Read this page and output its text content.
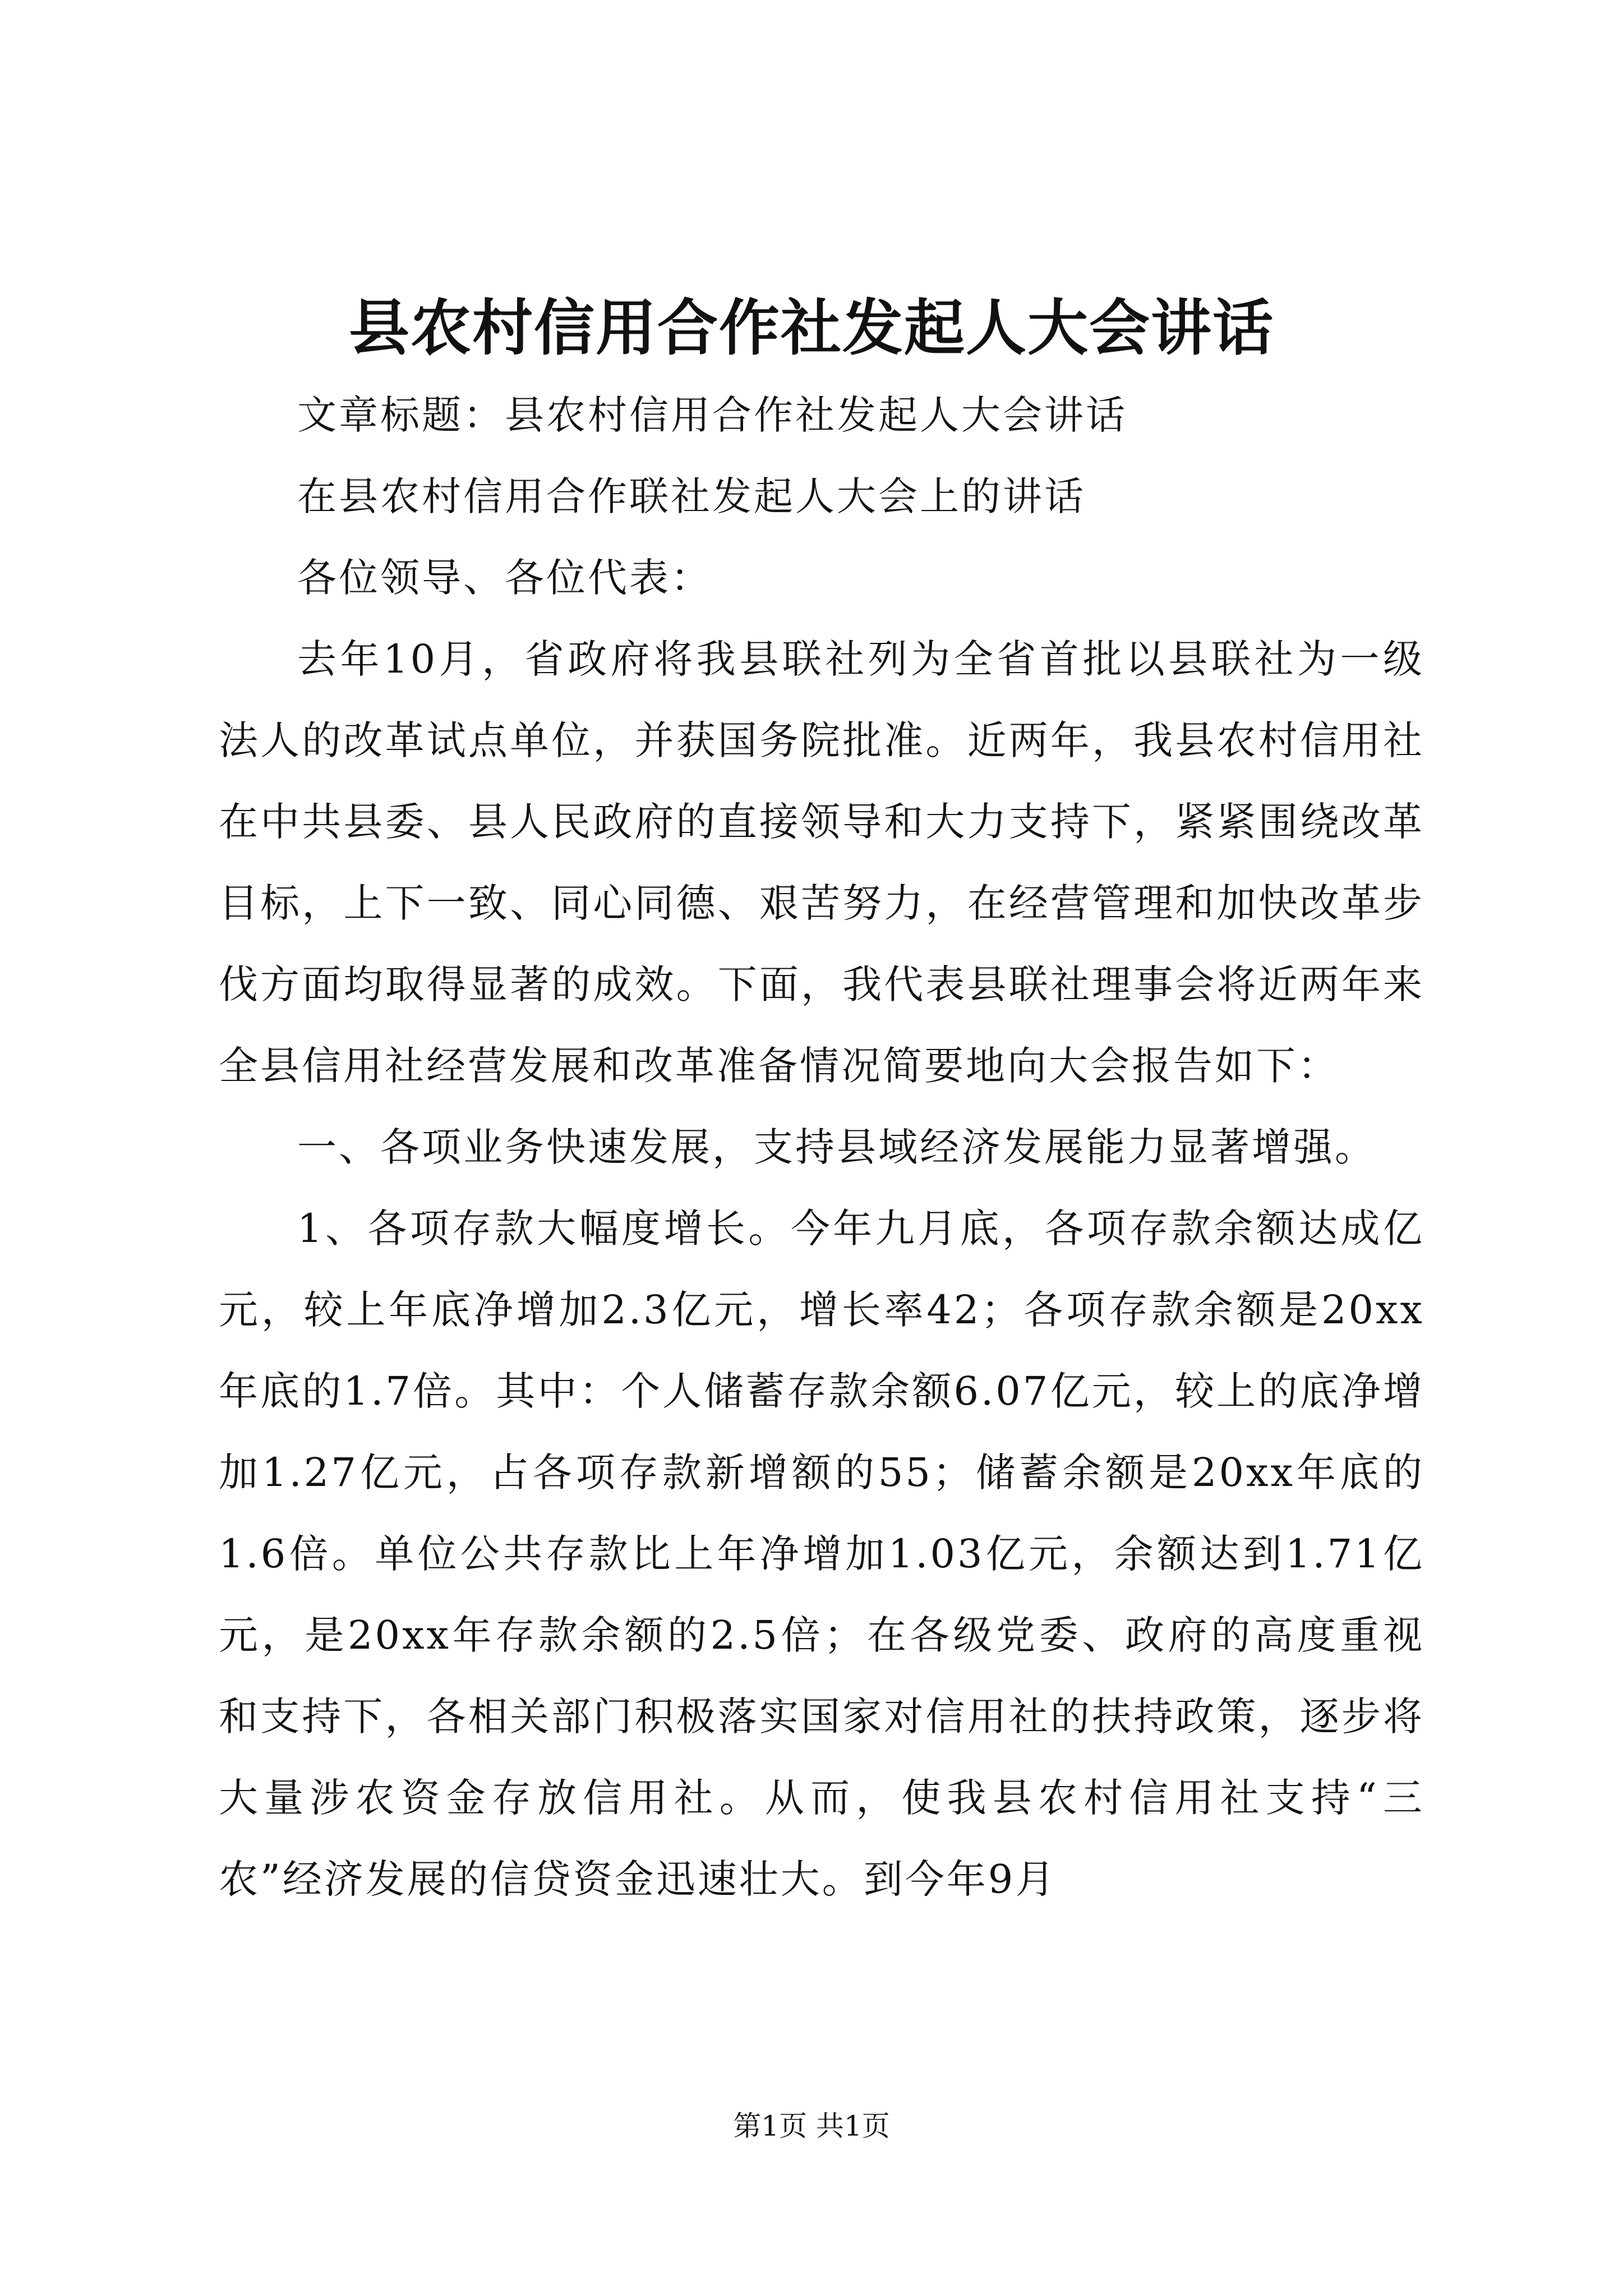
县农村信用合作社发起人大会讲话

文章标题：县农村信用合作社发起人大会讲话

在县农村信用合作联社发起人大会上的讲话

各位领导、各位代表：

去年10月，省政府将我县联社列为全省首批以县联社为一级法人的改革试点单位，并获国务院批准。近两年，我县农村信用社在中共县委、县人民政府的直接领导和大力支持下，紧紧围绕改革目标，上下一致、同心同德、艰苦努力，在经营管理和加快改革步伐方面均取得显著的成效。下面，我代表县联社理事会将近两年来全县信用社经营发展和改革准备情况简要地向大会报告如下：

一、各项业务快速发展，支持县域经济发展能力显著增强。

1、各项存款大幅度增长。今年九月底，各项存款余额达成亿元，较上年底净增加2.3亿元，增长率42；各项存款余额是20xx年底的1.7倍。其中：个人储蓄存款余额6.07亿元，较上的底净增加1.27亿元，占各项存款新增额的55；储蓄余额是20xx年底的1.6倍。单位公共存款比上年净增加1.03亿元，余额达到1.71亿元，是20xx年存款余额的2.5倍；在各级党委、政府的高度重视和支持下，各相关部门积极落实国家对信用社的扶持政策，逐步将大量涉农资金存放信用社。从而，使我县农村信用社支持“三农”经济发展的信贷资金迅速壮大。到今年9月

第1页 共1页
